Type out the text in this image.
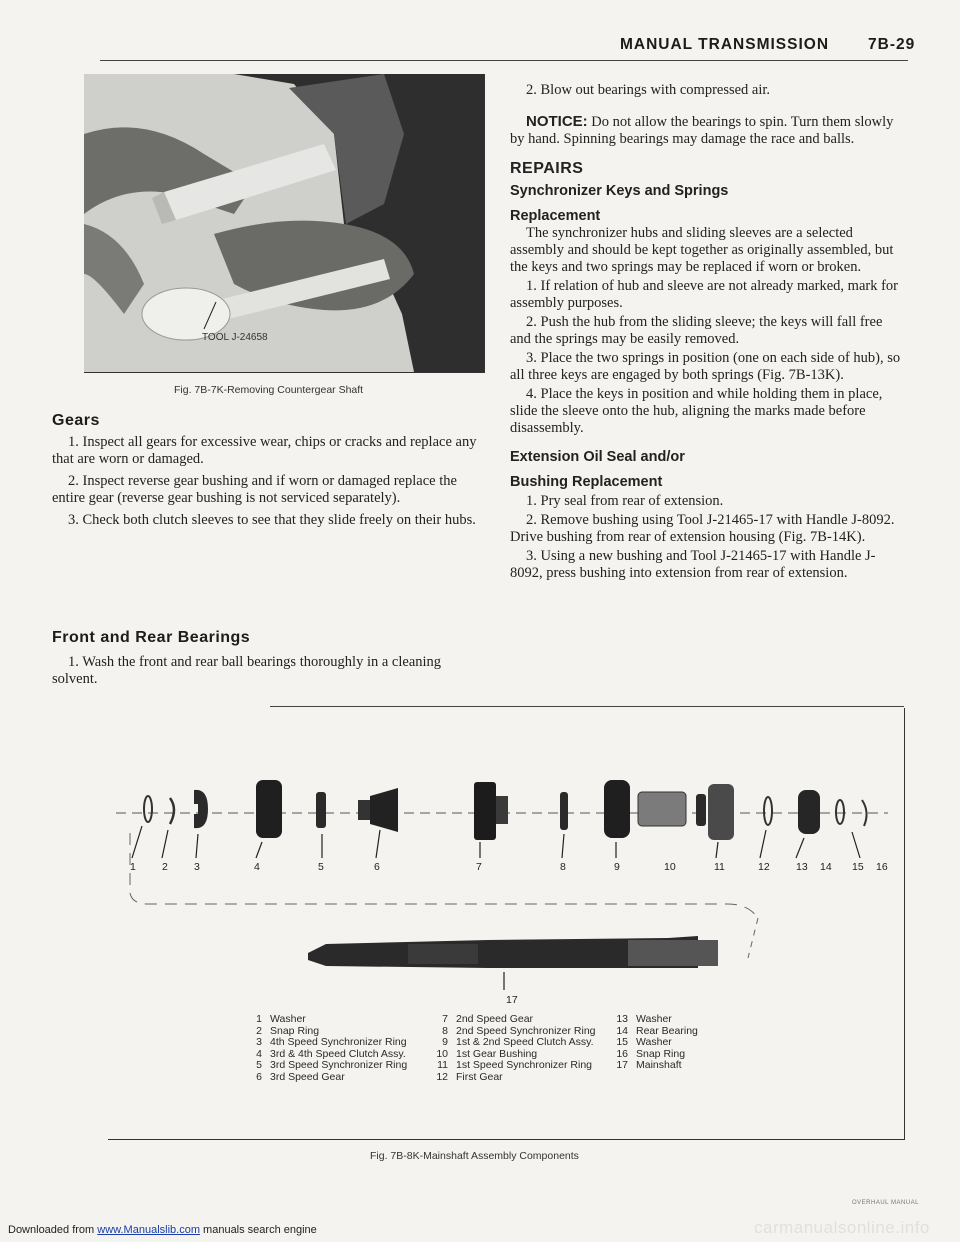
MANUAL TRANSMISSION	7B-29
TOOL J-24658
Fig. 7B-7K-Removing Countergear Shaft
Gears

1. Inspect all gears for excessive wear, chips or cracks and replace any that are worn or damaged.

2. Inspect reverse gear bushing and if worn or damaged replace the entire gear (reverse gear bushing is not serviced separately).

3. Check both clutch sleeves to see that they slide freely on their hubs.

Front and Rear Bearings

1. Wash the front and rear ball bearings thoroughly in a cleaning solvent.

2. Blow out bearings with compressed air.

NOTICE: Do not allow the bearings to spin. Turn them slowly by hand. Spinning bearings may damage the race and balls.

REPAIRS
Synchronizer Keys and Springs
Replacement

The synchronizer hubs and sliding sleeves are a selected assembly and should be kept together as originally assembled, but the keys and two springs may be replaced if worn or broken.

1. If relation of hub and sleeve are not already marked, mark for assembly purposes.

2. Push the hub from the sliding sleeve; the keys will fall free and the springs may be easily removed.

3. Place the two springs in position (one on each side of hub), so all three keys are engaged by both springs (Fig. 7B-13K).

4. Place the keys in position and while holding them in place, slide the sleeve onto the hub, aligning the marks made before disassembly.

Extension Oil Seal and/or
Bushing Replacement

1. Pry seal from rear of extension.

2. Remove bushing using Tool J-21465-17 with Handle J-8092. Drive bushing from rear of extension housing (Fig. 7B-14K).

3. Using a new bushing and Tool J-21465-17 with Handle J-8092, press bushing into extension from rear of extension.

1 2 3	4	5	6	7	8	9	10	11	12	13 14 15 16
17
1 Washer
2 Snap Ring
3 4th Speed Synchronizer Ring
4 3rd & 4th Speed Clutch Assy.
5 3rd Speed Synchronizer Ring
6 3rd Speed Gear
7 2nd Speed Gear
8 2nd Speed Synchronizer Ring
9 1st & 2nd Speed Clutch Assy.
10 1st Gear Bushing
11 1st Speed Synchronizer Ring
12 First Gear
13 Washer
14 Rear Bearing
15 Washer
16 Snap Ring
17 Mainshaft
Fig. 7B-8K-Mainshaft Assembly Components
OVERHAUL MANUAL
Downloaded from www.Manualslib.com manuals search engine	carmanualsonline.info
